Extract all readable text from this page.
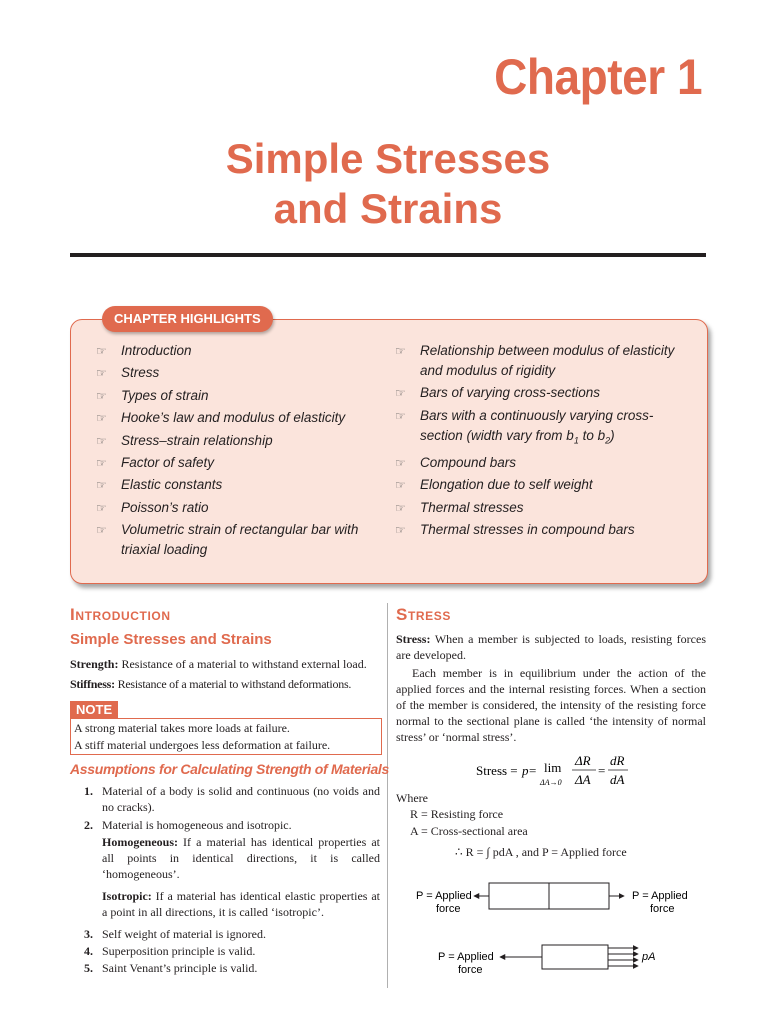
Chapter 1
Simple Stresses
and Strains
CHAPTER HIGHLIGHTS
☞ Introduction
☞ Stress
☞ Types of strain
☞ Hooke’s law and modulus of elasticity
☞ Stress–strain relationship
☞ Factor of safety
☞ Elastic constants
☞ Poisson’s ratio
☞ Volumetric strain of rectangular bar with triaxial loading
☞ Relationship between modulus of elasticity and modulus of rigidity
☞ Bars of varying cross-sections
☞ Bars with a continuously varying cross-section (width vary from $b_1$ to $b_2$)
☞ Compound bars
☞ Elongation due to self weight
☞ Thermal stresses
☞ Thermal stresses in compound bars
Introduction
Simple Stresses and Strains
Strength: Resistance of a material to withstand external load.
Stiffness: Resistance of a material to withstand deformations.
NOTE
A strong material takes more loads at failure.
A stiff material undergoes less deformation at failure.
Assumptions for Calculating Strength of Materials
1. Material of a body is solid and continuous (no voids and no cracks).
2. Material is homogeneous and isotropic.
Homogeneous: If a material has identical properties at all points in identical directions, it is called ‘homogeneous’.
Isotropic: If a material has identical elastic properties at a point in all directions, it is called ‘isotropic’.
3. Self weight of material is ignored.
4. Superposition principle is valid.
5. Saint Venant’s principle is valid.
Stress
Stress: When a member is subjected to loads, resisting forces are developed.
Each member is in equilibrium under the action of the applied forces and the internal resisting forces. When a section of the member is considered, the intensity of the resisting force normal to the sectional plane is called ‘the intensity of normal stress’ or ‘normal stress’.
Stress = p = lim
ΔA→0
ΔR
ΔA
=
dR
dA
Where
R = Resisting force
A = Cross-sectional area
∴ R = ∫ pdA , and P = Applied force
P = Applied
force
P = Applied
force
P = Applied
force
pA
